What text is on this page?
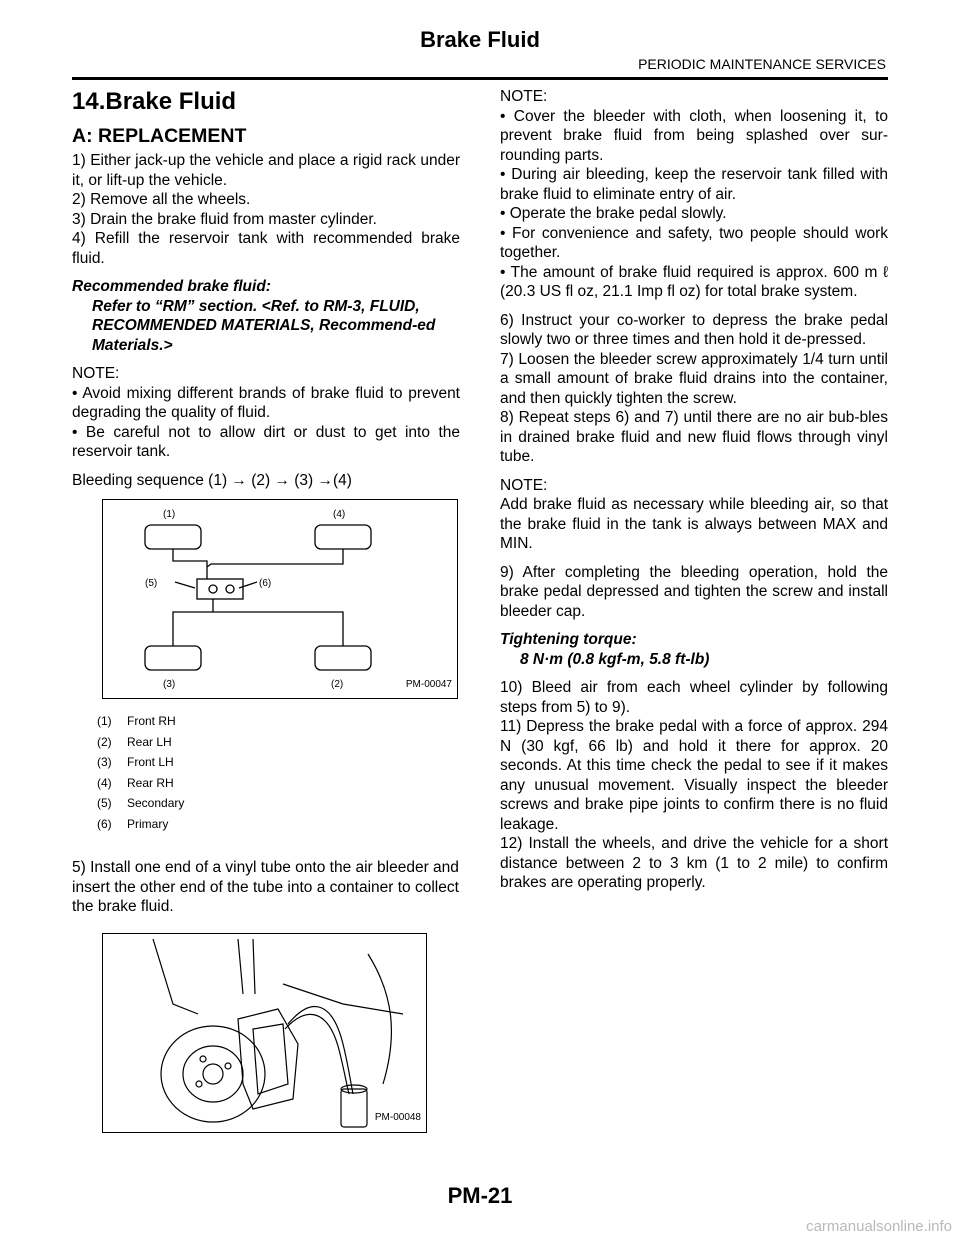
Brake Fluid
PERIODIC MAINTENANCE SERVICES
14.Brake Fluid
A: REPLACEMENT

1) Either jack-up the vehicle and place a rigid rack under it, or lift-up the vehicle.

2) Remove all the wheels.

3) Drain the brake fluid from master cylinder.

4) Refill the reservoir tank with recommended brake fluid.

Recommended brake fluid:

Refer to “RM” section. <Ref. to RM-3, FLUID, RECOMMENDED MATERIALS, Recommend-ed Materials.>

NOTE:

• Avoid mixing different brands of brake fluid to prevent degrading the quality of fluid.

• Be careful not to allow dirt or dust to get into the reservoir tank.

Bleeding sequence (1) → (2) → (3) →(4)

(1)	(4)
(5)	(6)
(3)	(2)	PM-00047
(1) Front RH
(2) Rear LH
(3) Front LH
(4) Rear RH
(5) Secondary
(6) Primary

5) Install one end of a vinyl tube onto the air bleeder and insert the other end of the tube into a container to collect the brake fluid.

PM-00048

NOTE:

• Cover the bleeder with cloth, when loosening it, to prevent brake fluid from being splashed over sur-rounding parts.

• During air bleeding, keep the reservoir tank filled with brake fluid to eliminate entry of air.

• Operate the brake pedal slowly.

• For convenience and safety, two people should work together.

• The amount of brake fluid required is approx. 600 m ℓ (20.3 US fl oz, 21.1 Imp fl oz) for total brake system.

6) Instruct your co-worker to depress the brake pedal slowly two or three times and then hold it de-pressed.

7) Loosen the bleeder screw approximately 1/4 turn until a small amount of brake fluid drains into the container, and then quickly tighten the screw.

8) Repeat steps 6) and 7) until there are no air bub-bles in drained brake fluid and new fluid flows through vinyl tube.

NOTE:

Add brake fluid as necessary while bleeding air, so that the brake fluid in the tank is always between MAX and MIN.

9) After completing the bleeding operation, hold the brake pedal depressed and tighten the screw and install bleeder cap.

Tightening torque:

8 N·m (0.8 kgf-m, 5.8 ft-lb)

10) Bleed air from each wheel cylinder by following steps from 5) to 9).

11) Depress the brake pedal with a force of approx. 294 N (30 kgf, 66 lb) and hold it there for approx. 20 seconds. At this time check the pedal to see if it makes any unusual movement. Visually inspect the bleeder screws and brake pipe joints to confirm there is no fluid leakage.

12) Install the wheels, and drive the vehicle for a short distance between 2 to 3 km (1 to 2 mile) to confirm brakes are operating properly.

PM-21
carmanualsonline.info
